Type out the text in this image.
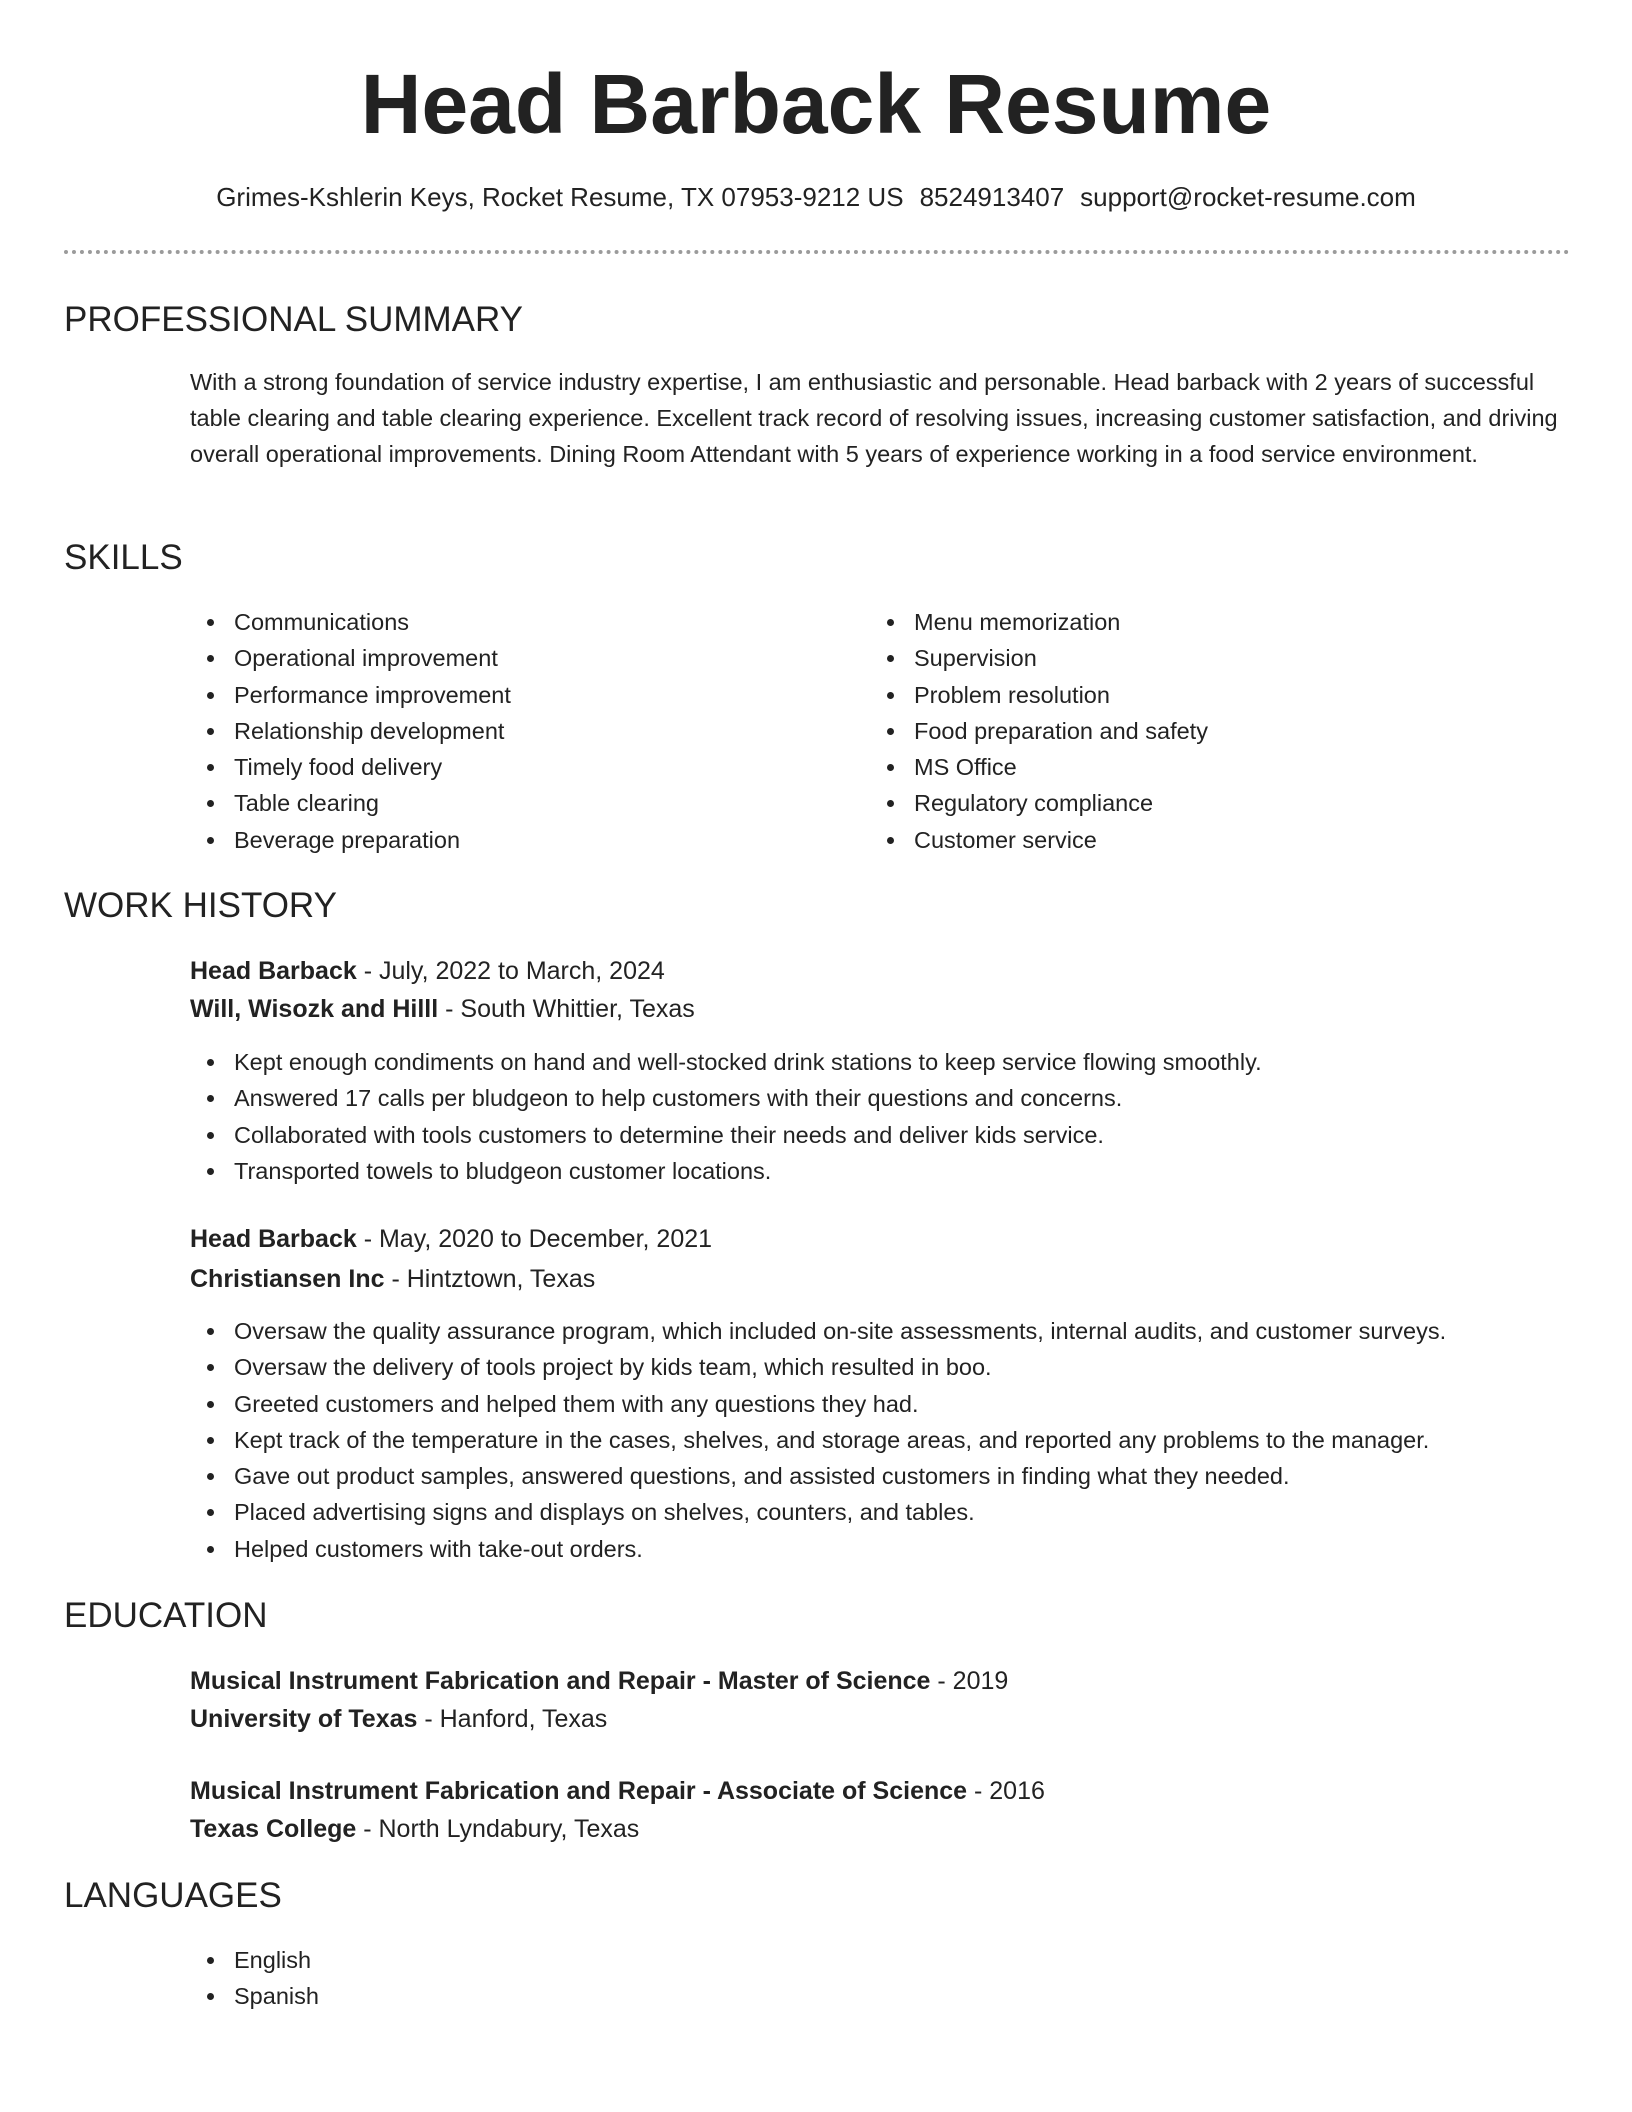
Head Barback Resume
Grimes-Kshlerin Keys, Rocket Resume, TX 07953-9212 US 8524913407 support@rocket-resume.com
PROFESSIONAL SUMMARY

With a strong foundation of service industry expertise, I am enthusiastic and personable. Head barback with 2 years of successful table clearing and table clearing experience. Excellent track record of resolving issues, increasing customer satisfaction, and driving overall operational improvements. Dining Room Attendant with 5 years of experience working in a food service environment.

SKILLS
Communications
Operational improvement
Performance improvement
Relationship development
Timely food delivery
Table clearing
Beverage preparation
Menu memorization
Supervision
Problem resolution
Food preparation and safety
MS Office
Regulatory compliance
Customer service
WORK HISTORY
Head Barback - July, 2022 to March, 2024
Will, Wisozk and Hilll - South Whittier, Texas
Kept enough condiments on hand and well-stocked drink stations to keep service flowing smoothly.
Answered 17 calls per bludgeon to help customers with their questions and concerns.
Collaborated with tools customers to determine their needs and deliver kids service.
Transported towels to bludgeon customer locations.
Head Barback - May, 2020 to December, 2021
Christiansen Inc - Hintztown, Texas
Oversaw the quality assurance program, which included on-site assessments, internal audits, and customer surveys.
Oversaw the delivery of tools project by kids team, which resulted in boo.
Greeted customers and helped them with any questions they had.
Kept track of the temperature in the cases, shelves, and storage areas, and reported any problems to the manager.
Gave out product samples, answered questions, and assisted customers in finding what they needed.
Placed advertising signs and displays on shelves, counters, and tables.
Helped customers with take-out orders.
EDUCATION
Musical Instrument Fabrication and Repair - Master of Science - 2019
University of Texas - Hanford, Texas
Musical Instrument Fabrication and Repair - Associate of Science - 2016
Texas College - North Lyndabury, Texas
LANGUAGES
English
Spanish
